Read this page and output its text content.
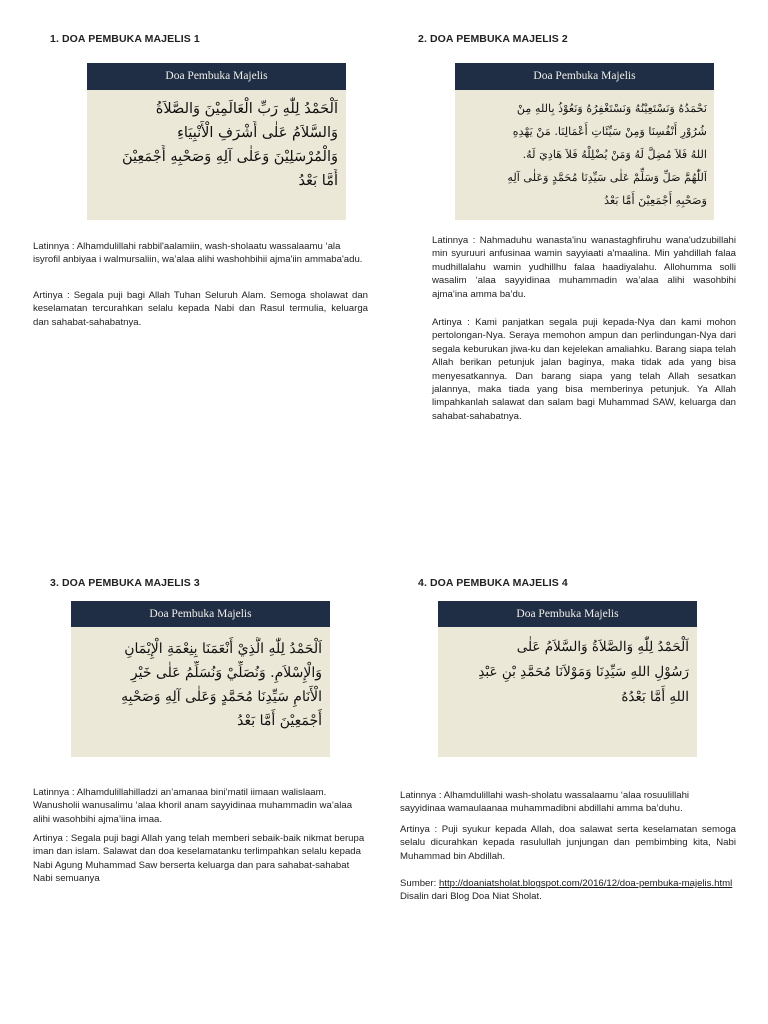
1. DOA PEMBUKA MAJELIS 1
Doa Pembuka Majelis
اَلْحَمْدُ لِلّٰهِ رَبِّ الْعَالَمِيْنَ وَالصَّلاَةُ
وَالسَّلاَمُ عَلٰى أَشْرَفِ الْأَنْبِيَاءِ
وَالْمُرْسَلِيْنَ وَعَلٰى آلِهِ وَصَحْبِهِ أَجْمَعِيْنَ
أَمَّا بَعْدُ

Latinnya : Alhamdulillahi rabbil'aalamiin, wash-sholaatu wassalaamu ‘ala isyrofil anbiyaa i walmursaliin, wa’alaa alihi washohbihii ajma'iin ammaba'adu.

Artinya : Segala puji bagi Allah Tuhan Seluruh Alam. Semoga sholawat dan keselamatan tercurahkan selalu kepada Nabi dan Rasul termulia, keluarga dan sahabat-sahabatnya.

2. DOA PEMBUKA MAJELIS 2
Doa Pembuka Majelis
نَحْمَدُهُ وَنَسْتَعِيْنُهُ وَنَسْتَغْفِرُهُ وَنَعُوْذُ بِاللهِ مِنْ
شُرُوْرِ أَنْفُسِنَا وَمِنْ سَيِّئَاتِ أَعْمَالِنَا. مَنْ يَهْدِهِ
اللهُ فَلاَ مُضِلَّ لَهُ وَمَنْ يُضْلِلْهُ فَلاَ هَادِيَ لَهُ.
اَللّٰهُمَّ صَلِّ وَسَلِّمْ عَلٰى سَيِّدِنَا مُحَمَّدٍ وَعَلٰى آلِهِ
وَصَحْبِهِ أَجْمَعِيْنَ أَمَّا بَعْدُ

Latinnya : Nahmaduhu wanasta'inu wanastaghfiruhu wana'udzubillahi min syuruuri anfusinaa wamin sayyiaati a'maalina. Min yahdillah falaa mudhillalahu wamin yudhillhu falaa haadiyalahu. Allohumma solli wasalim ‘alaa sayyidinaa muhammadin wa’alaa alihi wasohbihi ajma’ina amma ba’du.

Artinya : Kami panjatkan segala puji kepada-Nya dan kami mohon pertolongan-Nya. Seraya memohon ampun dan perlindungan-Nya dari segala keburukan jiwa-ku dan kejelekan amaliahku. Barang siapa telah Allah berikan petunjuk jalan baginya, maka tidak ada yang bisa menyesatkannya. Dan barang siapa yang telah Allah sesatkan jalannya, maka tiada yang bisa memberinya petunjuk. Ya Allah limpahkanlah salawat dan salam bagi Muhammad SAW, keluarga dan sahabat-sahabatnya.

3. DOA PEMBUKA MAJELIS 3
Doa Pembuka Majelis
اَلْحَمْدُ لِلّٰهِ الَّذِيْ أَنْعَمَنَا بِنِعْمَةِ الْإِيْمَانِ
وَالْإِسْلاَمِ. وَنُصَلِّيْ وَنُسَلِّمُ عَلٰى خَيْرِ
الْأَنَامِ سَيِّدِنَا مُحَمَّدٍ وَعَلٰى آلِهِ وَصَحْبِهِ
أَجْمَعِيْنَ أَمَّا بَعْدُ

Latinnya : Alhamdulillahilladzi an’amanaa bini’matil iimaan walislaam. Wanusholii wanusalimu ‘alaa khoril anam sayyidinaa muhammadin wa’alaa alihi wasohbihi ajma’iina imaa.

Artinya : Segala puji bagi Allah yang telah memberi sebaik-baik nikmat berupa iman dan islam. Salawat dan doa keselamatanku terlimpahkan selalu kepada Nabi Agung Muhammad Saw berserta keluarga dan para sahabat-sahabat Nabi semuanya

4. DOA PEMBUKA MAJELIS 4
Doa Pembuka Majelis
اَلْحَمْدُ لِلّٰهِ وَالصَّلاَةُ وَالسَّلاَمُ عَلٰى
رَسُوْلِ اللهِ سَيِّدِنَا وَمَوْلاَنَا مُحَمَّدِ بْنِ عَبْدِ
اللهِ أَمَّا بَعْدُهُ

Latinnya : Alhamdulillahi wash-sholatu wassalaamu ‘alaa rosuulillahi sayyidinaa wamaulaanaa muhammadibni abdillahi amma ba’duhu.

Artinya : Puji syukur kepada Allah, doa salawat serta keselamatan semoga selalu dicurahkan kepada rasulullah junjungan dan pembimbing kita, Nabi Muhammad bin Abdillah.

Sumber: http://doaniatsholat.blogspot.com/2016/12/doa-pembuka-majelis.html
Disalin dari Blog Doa Niat Sholat.
